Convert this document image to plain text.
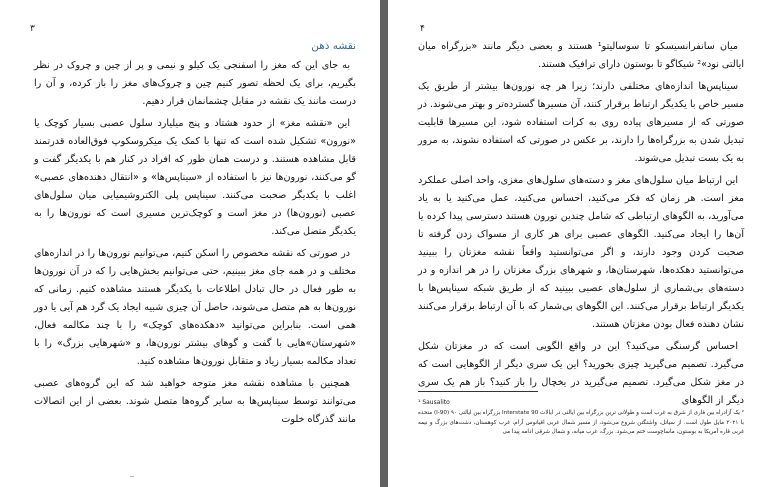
۳
نقشه ذهن

به جای این که مغز را اسفنجی یک کیلو و نیمی و پر از چین و چروک در نظر بگیریم، برای یک لحظه تصور کنیم چین و چروک‌های مغز را باز کرده، و آن را درست مانند یک نقشه در مقابل چشمانمان قرار دهیم.

این «نقشه مغز» از حدود هشتاد و پنج میلیارد سلول عصبی بسیار کوچک یا «نورون» تشکیل شده است که تنها با کمک یک میکروسکوپ فوق‌العاده قدرتمند قابل مشاهده هستند. و درست همان طور که افراد در کنار هم با یکدیگر گفت و گو می‌کنند، نورون‌ها نیز با استفاده از «سیناپس‌ها» و «انتقال دهنده‌های عصبی» اغلب با یکدیگر صحبت می‌کنند. سیناپس پلی الکتروشیمیایی میان سلول‌های عصبی (نورون‌ها) در مغز است و کوچک‌ترین مسیری است که نورون‌ها را به یکدیگر متصل می‌کند.

در صورتی که نقشه مخصوص را اسکن کنیم، می‌توانیم نورون‌ها را در اندازه‌های مختلف و در همه جای مغز ببینیم، حتی می‌توانیم بخش‌هایی را که در آن نورون‌ها به طور فعال در حال تبادل اطلاعات با یکدیگر هستند مشاهده کنیم. زمانی که نورون‌ها به هم متصل می‌شوند، حاصل آن چیزی شبیه ایجاد یک گرد هم آیی یا دور همی است. بنابراین می‌توانید «دهکده‌های کوچک» را با چند مکالمه فعال، «شهرستان»هایی با گفت و گوهای بیشتر نورون‌ها، و «شهرهایی بزرگ» را با تعداد مکالمه بسیار زیاد و متقابل نورون‌ها مشاهده کنید.

همچنین با مشاهده نقشه مغز متوجه خواهید شد که این گروه‌های عصبی می‌توانند توسط سیناپس‌ها به سایر گروه‌ها متصل شوند. بعضی از این اتصالات مانند گذرگاه خلوت

۴

میان سانفرانسیسکو تا سوسالیتو¹ هستند و بعضی دیگر مانند «بزرگراه میان ایالتی نود»² شیکاگو تا بوستون دارای ترافیک هستند.

سیناپس‌ها اندازه‌های مختلفی دارند؛ زیرا هر چه نورون‌ها بیشتر از طریق یک مسیر خاص با یکدیگر ارتباط برقرار کنند، آن مسیرها گسترده‌تر و بهتر می‌شوند. در صورتی که از مسیرهای پیاده روی به کرات استفاده شود، این مسیرها قابلیت تبدیل شدن به بزرگراه‌ها را دارند، بر عکس در صورتی که استفاده نشوند، به مرور به یک بست تبدیل می‌شوند.

این ارتباط میان سلول‌های مغز و دسته‌های سلول‌های مغزی، واحد اصلی عملکرد مغز است. هر زمان که فکر می‌کنید، احساس می‌کنید، عمل می‌کنید یا به یاد می‌آورید، به الگوهای ارتباطی که شامل چندین نورون هستند دسترسی پیدا کرده یا آن‌ها را ایجاد می‌کنید. الگوهای عصبی برای هر کاری از مسواک زدن گرفته تا صحبت کردن وجود دارند، و اگر می‌توانستید واقعاً نقشه مغزتان را ببینید می‌توانستید دهکده‌ها، شهرستان‌ها، و شهرهای بزرگ مغزتان را در هر اندازه و در دسته‌های بی‌شماری از سلول‌های عصبی ببینید که از طریق شبکه سیناپس‌ها با یکدیگر ارتباط برقرار می‌کنند. این الگوهای بی‌شمار که با آن ارتباط برقرار می‌کنند نشان دهنده فعال بودن مغزتان هستند.

احساس گرسنگی می‌کنید؟ این در واقع الگویی است که در مغزتان شکل می‌گیرد. تصمیم می‌گیرید چیزی بخورید؟ این یک سری دیگر از الگوهایی است که در مغز شکل می‌گیرد. تصمیم می‌گیرید در یخچال را باز کنید؟ باز هم یک سری دیگر از الگوهای

¹ Sausalito
² یک آزادراه بین فاری از شرق به غرب است و طولانی ترین بزرگراه بین ایالتی در ایالات Interstate 90 بزرگراه بین ایالتی ۹۰ (I-90) متحده با ۳۰۲۱ مایل طول است. از سیاتل، واشنگتن شروع می‌شود، از مسیر شمال غربی اقیانوس آرام، غرب کوهستان، دشت‌های بزرگ و نیمه غربی قاره آمریکا به بوستون، ماساچوست ختم می‌شود. بزرگ، غرب میانه، و شمال شرقی ادامه پیدا می
